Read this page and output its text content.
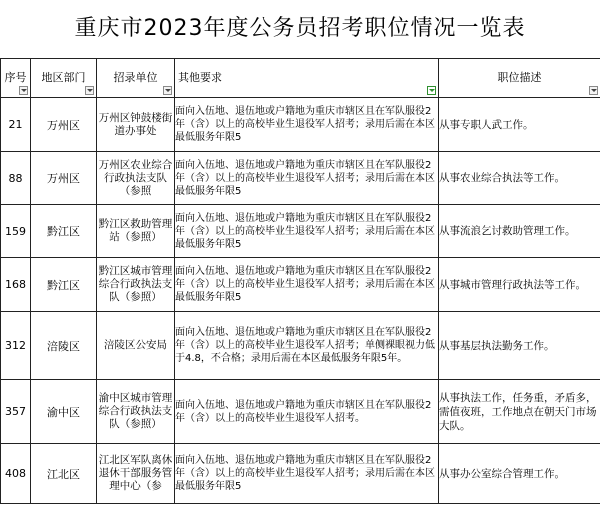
重庆市2023年度公务员招考职位情况一览表
序号	地区部门	招录单位	其他要求	职位描述

21	万州区	万州区钟鼓楼街道办事处	面向入伍地、退伍地或户籍地为重庆市辖区且在军队服役2年（含）以上的高校毕业生退役军人招考；录用后需在本区最低服务年限5	从事专职人武工作。
88	万州区	万州区农业综合行政执法支队（参照	面向入伍地、退伍地或户籍地为重庆市辖区且在军队服役2年（含）以上的高校毕业生退役军人招考；录用后需在本区最低服务年限5	从事农业综合执法等工作。
159	黔江区	黔江区救助管理站（参照）	面向入伍地、退伍地或户籍地为重庆市辖区且在军队服役2年（含）以上的高校毕业生退役军人招考；录用后需在本区最低服务年限5	从事流浪乞讨救助管理工作。
168	黔江区	黔江区城市管理综合行政执法支队（参照）	面向入伍地、退伍地或户籍地为重庆市辖区且在军队服役2年（含）以上的高校毕业生退役军人招考；录用后需在本区最低服务年限5	从事城市管理行政执法等工作。
312	涪陵区	涪陵区公安局	面向入伍地、退伍地或户籍地为重庆市辖区且在军队服役2年（含）以上的高校毕业生退役军人招考；单侧裸眼视力低于4.8，不合格；录用后需在本区最低服务年限5年。	从事基层执法勤务工作。
357	渝中区	渝中区城市管理综合行政执法支队（参照）	面向入伍地、退伍地或户籍地为重庆市辖区且在军队服役2年（含）以上的高校毕业生退役军人招考。	从事执法工作，任务重，矛盾多，需值夜班，工作地点在朝天门市场大队。
408	江北区	江北区军队离休退休干部服务管理中心（参	面向入伍地、退伍地或户籍地为重庆市辖区且在军队服役2年（含）以上的高校毕业生退役军人招考；录用后需在本区最低服务年限5	从事办公室综合管理工作。
